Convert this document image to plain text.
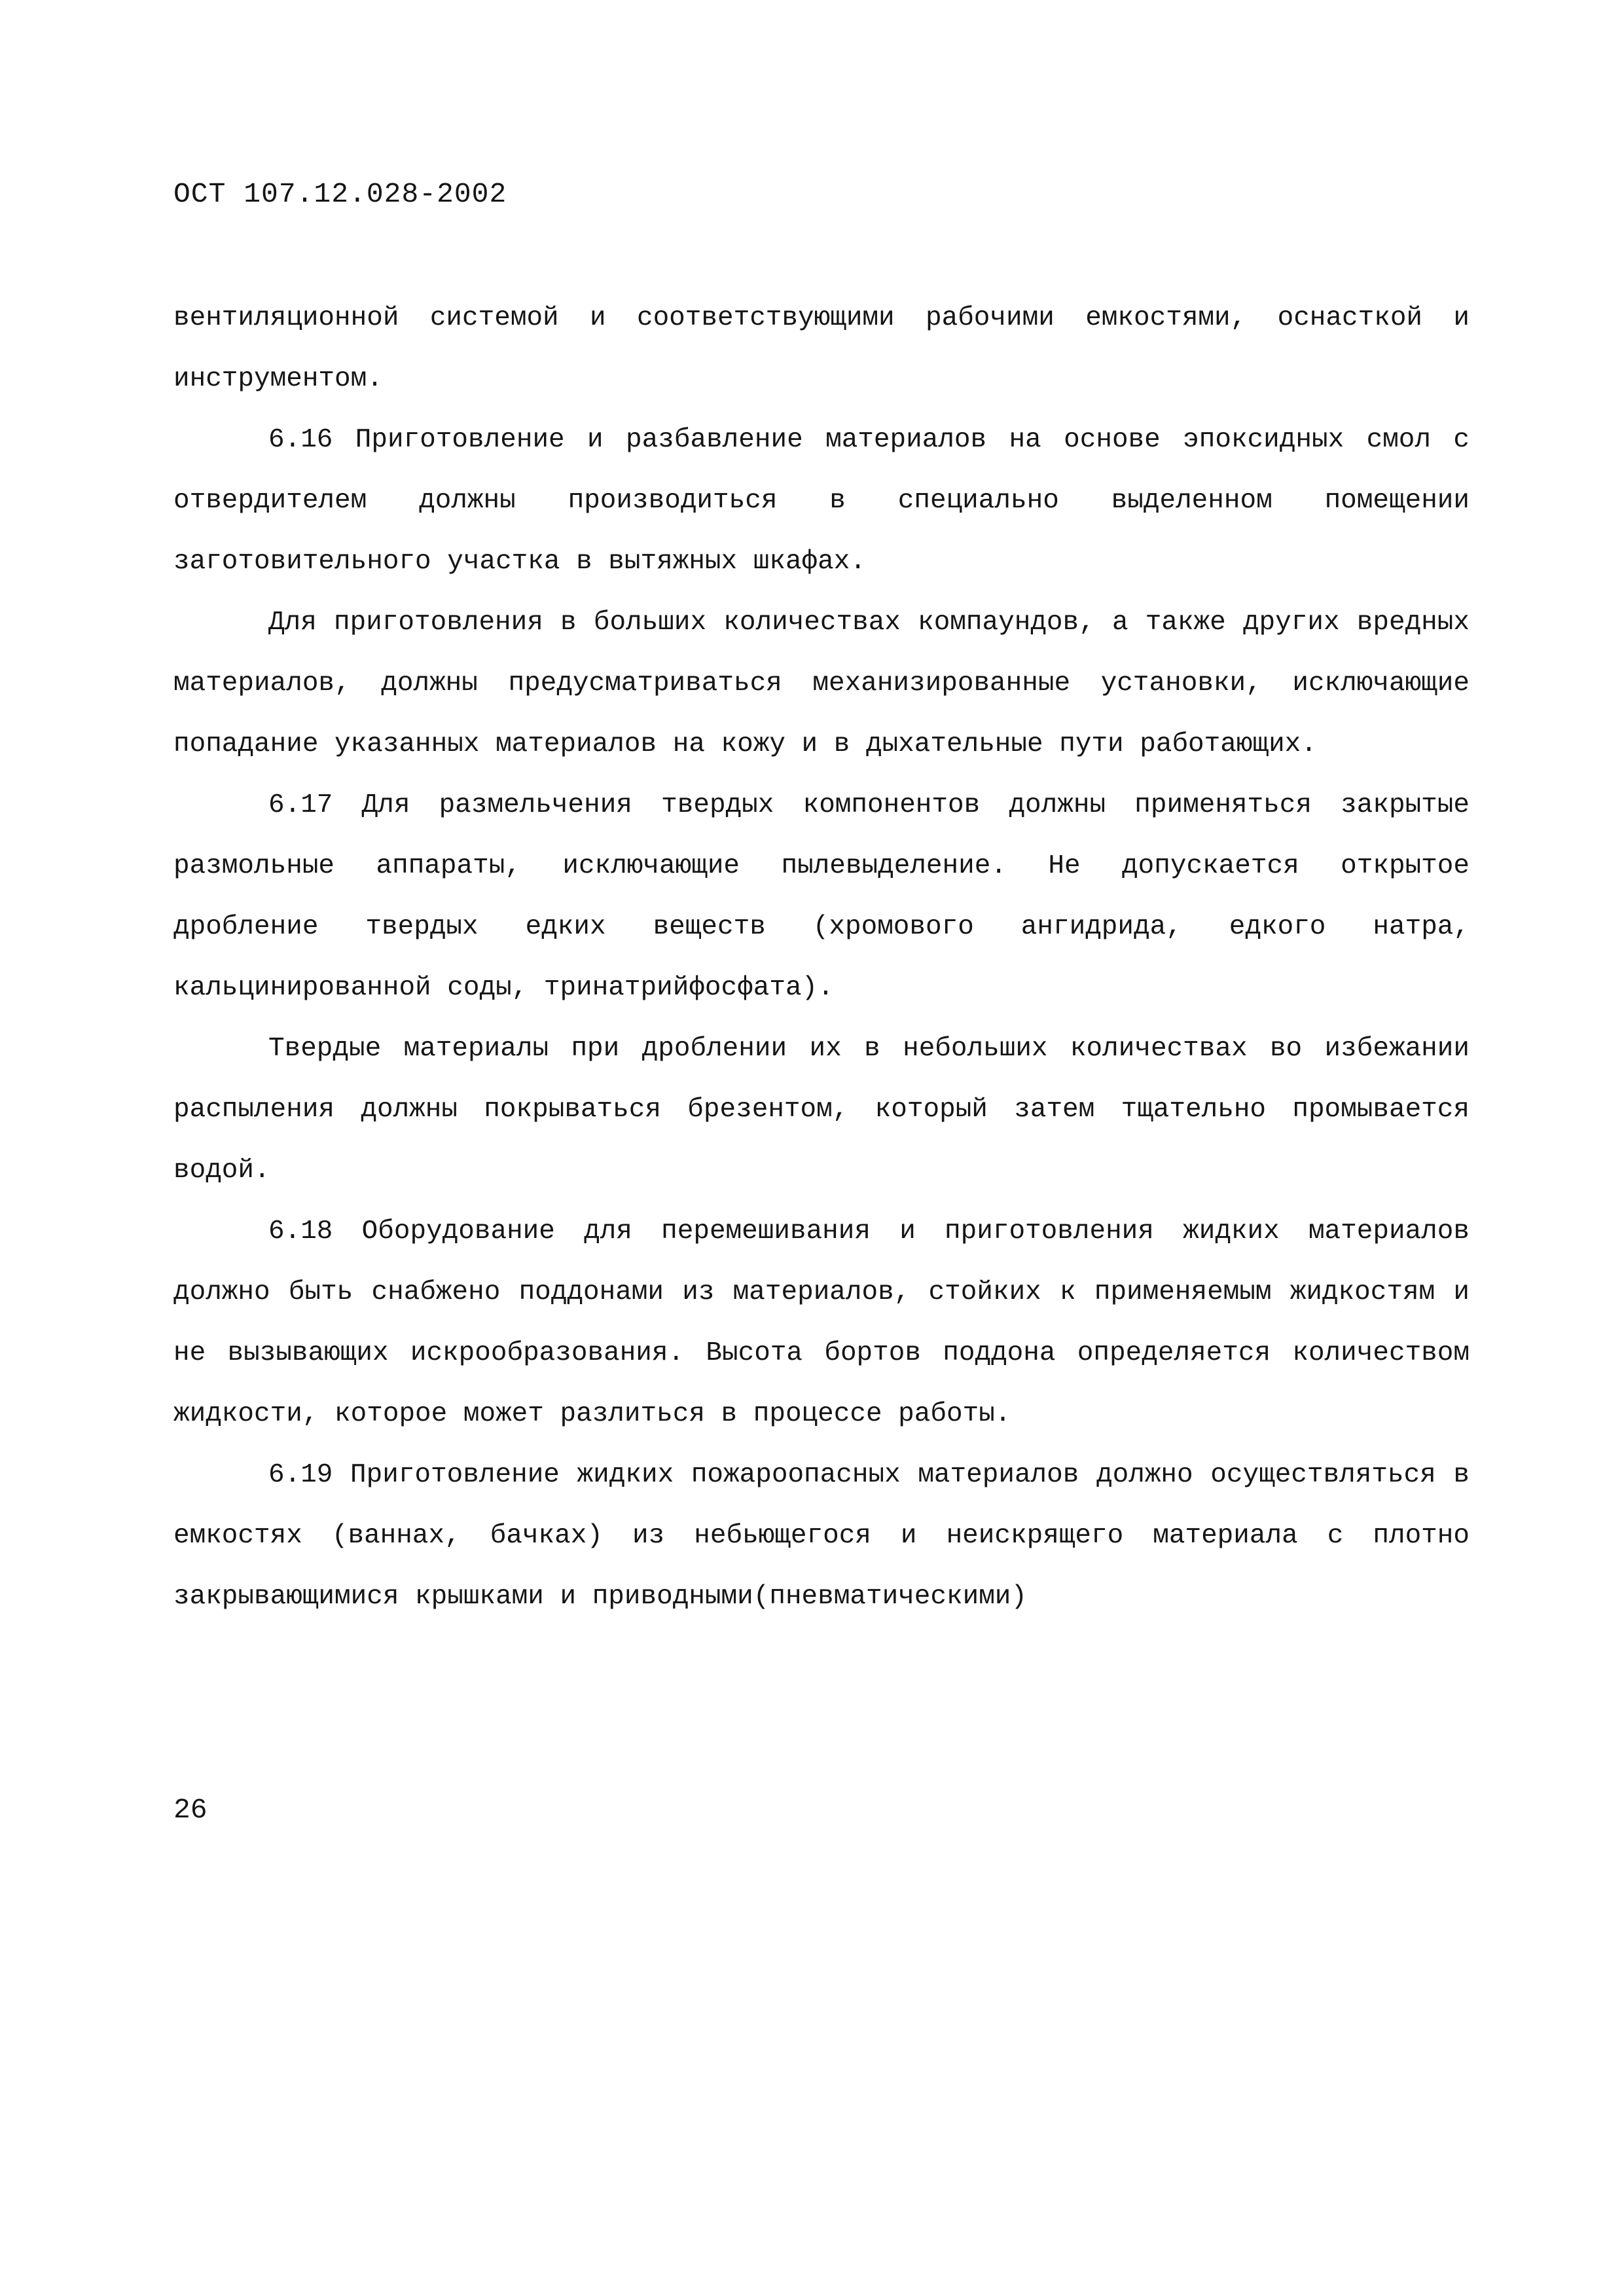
ОСТ 107.12.028-2002

вентиляционной системой и соответствующими рабочими емкостями, оснасткой и инструментом.

6.16 Приготовление и разбавление материалов на основе эпоксидных смол с отвердителем должны производиться в специально выделенном помещении заготовительного участка в вытяжных шкафах.

Для приготовления в больших количествах компаундов, а также других вредных материалов, должны предусматриваться механизированные установки, исключающие попадание указанных материалов на кожу и в дыхательные пути работающих.

6.17 Для размельчения твердых компонентов должны применяться закрытые размольные аппараты, исключающие пылевыделение. Не допускается открытое дробление твердых едких веществ (хромового ангидрида, едкого натра, кальцинированной соды, тринатрийфосфата).

Твердые материалы при дроблении их в небольших количествах во избежании распыления должны покрываться брезентом, который затем тщательно промывается водой.

6.18 Оборудование для перемешивания и приготовления жидких материалов должно быть снабжено поддонами из материалов, стойких к применяемым жидкостям и не вызывающих искрообразования. Высота бортов поддона определяется количеством жидкости, которое может разлиться в процессе работы.

6.19 Приготовление жидких пожароопасных материалов должно осуществляться в емкостях (ваннах, бачках) из небьющегося и неискрящего материала с плотно закрывающимися крышками и приводными(пневматическими)

26
